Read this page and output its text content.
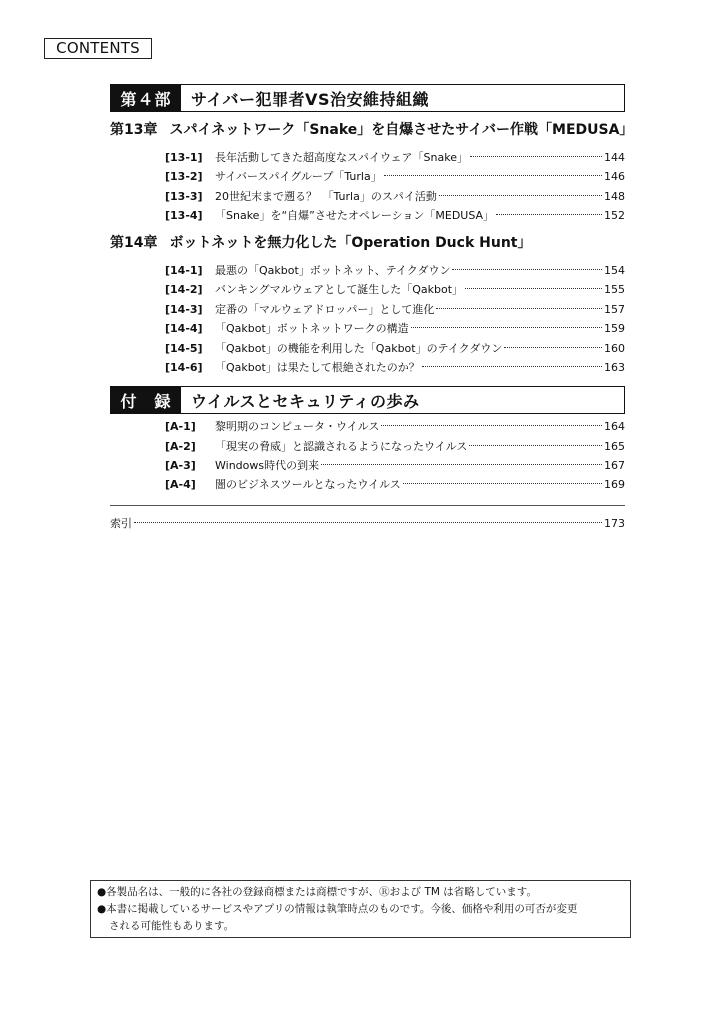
CONTENTS
第４部	サイバー犯罪者VS治安維持組織
第13章 スパイネットワーク「Snake」を自爆させたサイバー作戦「MEDUSA」
[13-1]	長年活動してきた超高度なスパイウェア「Snake」	144
[13-2]	サイバースパイグループ「Turla」	146
[13-3]	20世紀末まで遡る？　「Turla」のスパイ活動	148
[13-4]	「Snake」を“自爆”させたオペレーション「MEDUSA」	152
第14章 ボットネットを無力化した「Operation Duck Hunt」
[14-1]	最悪の「Qakbot」ボットネット、テイクダウン	154
[14-2]	バンキングマルウェアとして誕生した「Qakbot」	155
[14-3]	定番の「マルウェアドロッパー」として進化	157
[14-4]	「Qakbot」ボットネットワークの構造	159
[14-5]	「Qakbot」の機能を利用した「Qakbot」のテイクダウン	160
[14-6]	「Qakbot」は果たして根絶されたのか？	163
付　録	ウイルスとセキュリティの歩み
[A-1]	黎明期のコンピュータ・ウイルス	164
[A-2]	「現実の脅威」と認識されるようになったウイルス	165
[A-3]	Windows時代の到来	167
[A-4]	闇のビジネスツールとなったウイルス	169
索引	173

●各製品名は、一般的に各社の登録商標または商標ですが、Ⓡおよび TM は省略しています。

●本書に掲載しているサービスやアプリの情報は執筆時点のものです。今後、価格や利用の可否が変更

される可能性もあります。
